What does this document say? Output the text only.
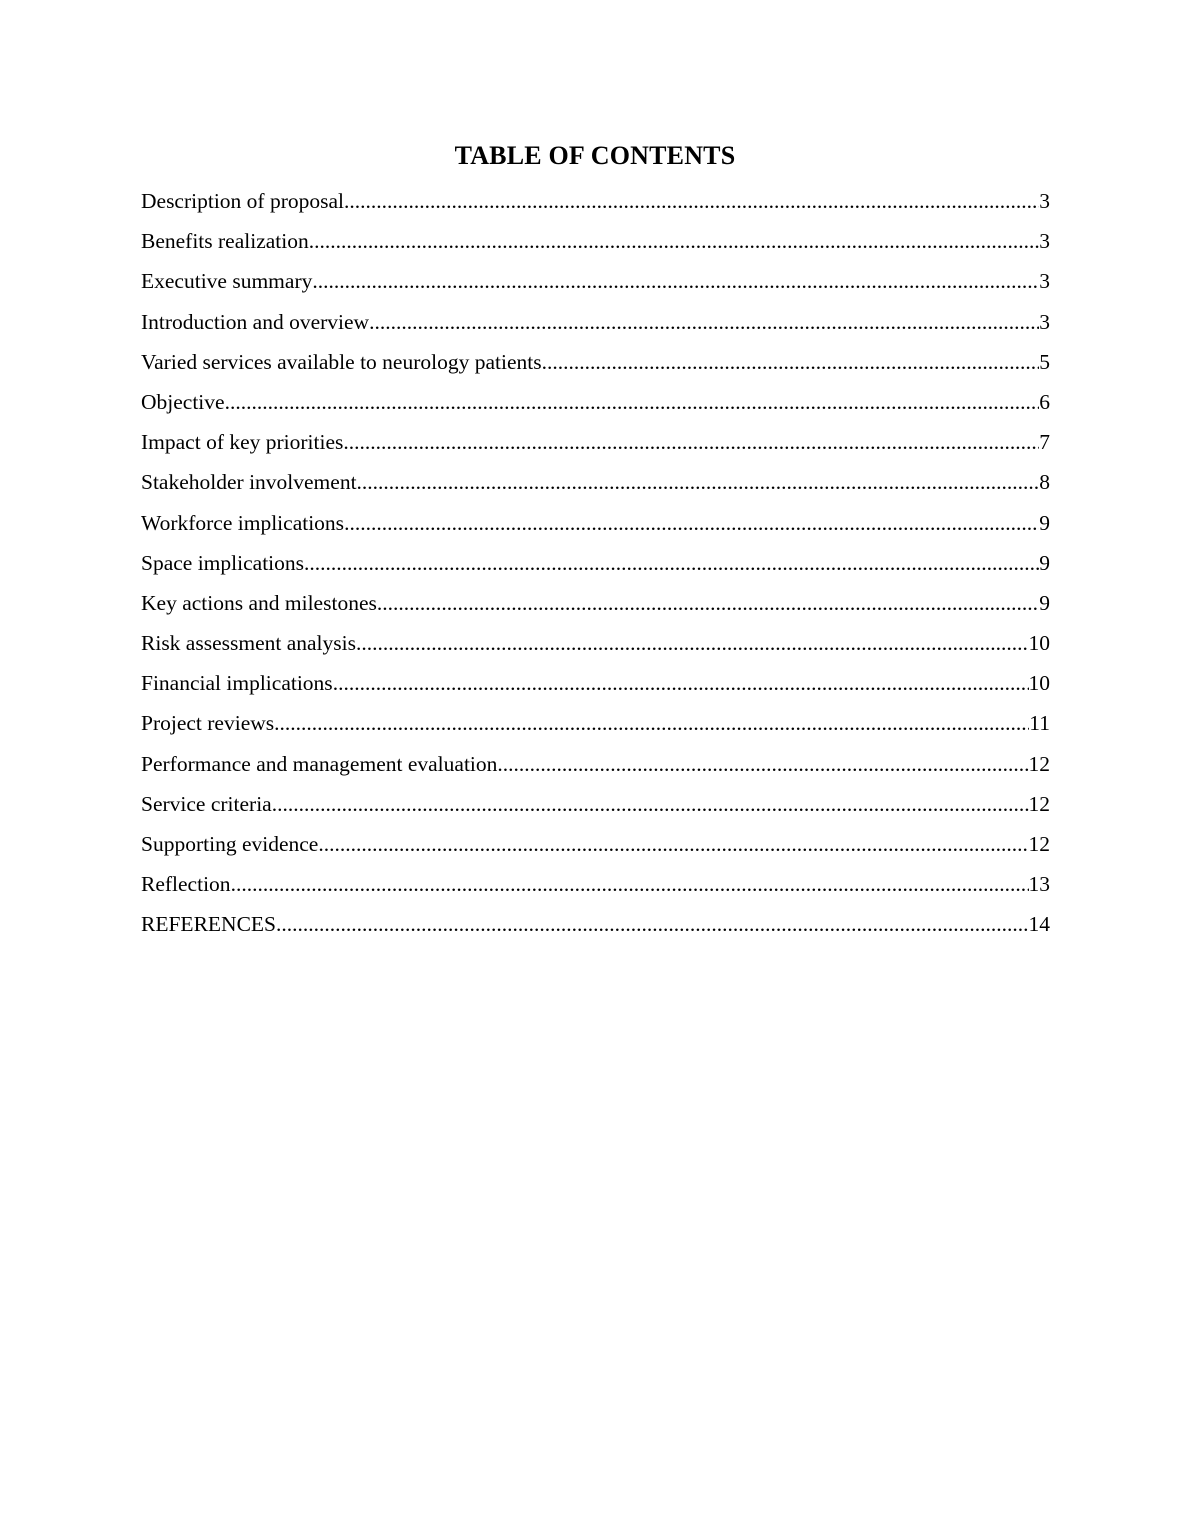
TABLE OF CONTENTS
Description of proposal .....	3
Benefits realization .....	3
Executive summary .....	3
Introduction and overview .....	3
Varied services available to neurology patients .....	5
Objective .....	6
Impact of key priorities .....	7
Stakeholder involvement .....	8
Workforce implications .....	9
Space implications .....	9
Key actions and milestones .....	9
Risk assessment analysis .....	10
Financial implications .....	10
Project reviews .....	11
Performance and management evaluation .....	12
Service criteria .....	12
Supporting evidence .....	12
Reflection .....	13
REFERENCES .....	14
